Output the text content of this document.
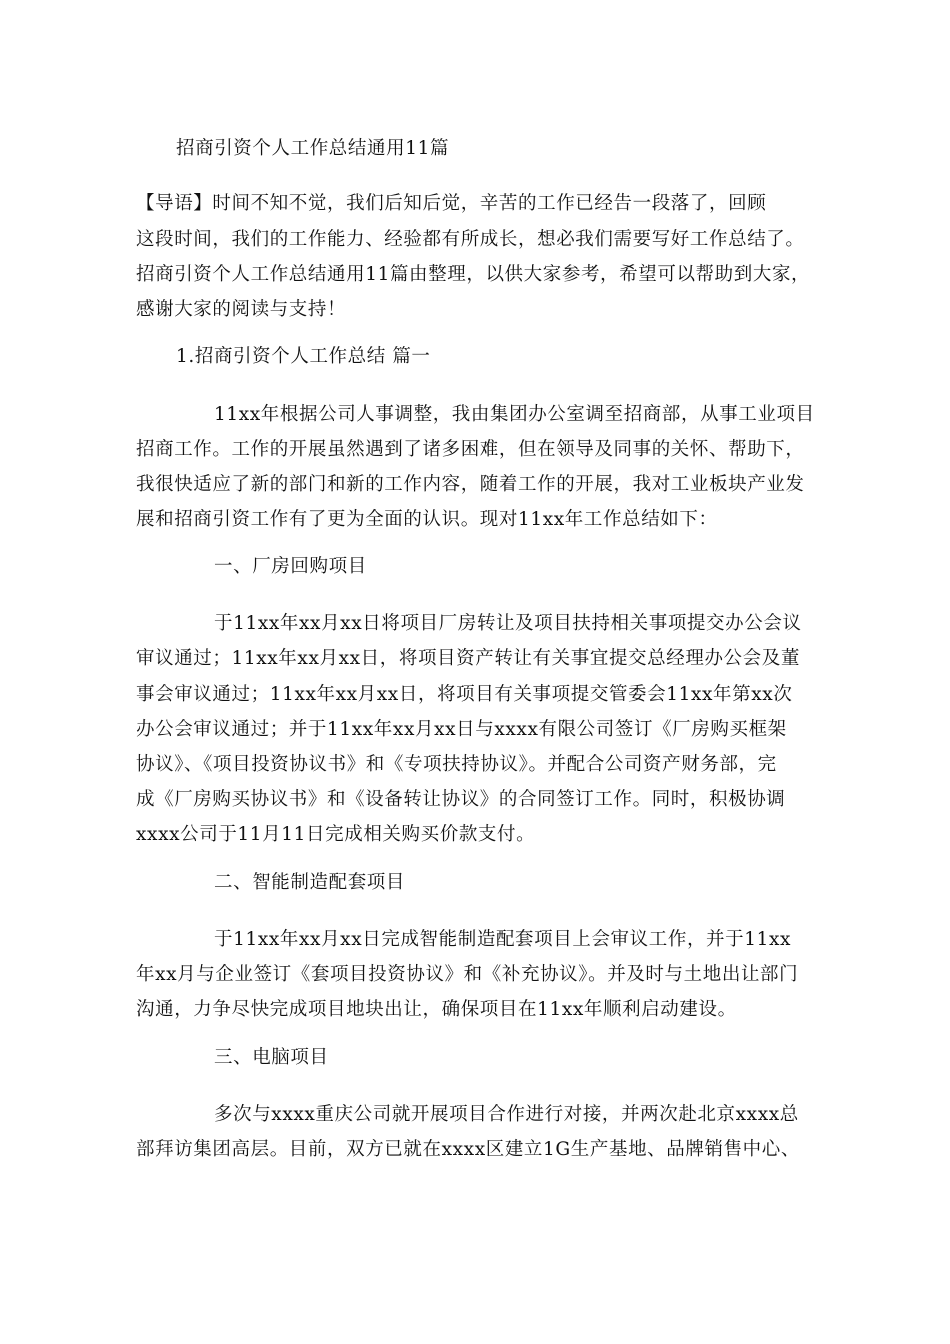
招商引资个人工作总结通用11篇
【导语】时间不知不觉，我们后知后觉，辛苦的工作已经告一段落了，回顾
这段时间，我们的工作能力、经验都有所成长，想必我们需要写好工作总结了。
招商引资个人工作总结通用11篇由整理，以供大家参考，希望可以帮助到大家，
感谢大家的阅读与支持！
1.招商引资个人工作总结 篇一
11xx年根据公司人事调整，我由集团办公室调至招商部，从事工业项目
招商工作。工作的开展虽然遇到了诸多困难，但在领导及同事的关怀、帮助下，
我很快适应了新的部门和新的工作内容，随着工作的开展，我对工业板块产业发
展和招商引资工作有了更为全面的认识。现对11xx年工作总结如下：
一、厂房回购项目
于11xx年xx月xx日将项目厂房转让及项目扶持相关事项提交办公会议
审议通过；11xx年xx月xx日，将项目资产转让有关事宜提交总经理办公会及董
事会审议通过；11xx年xx月xx日，将项目有关事项提交管委会11xx年第xx次
办公会审议通过；并于11xx年xx月xx日与xxxx有限公司签订《厂房购买框架
协议》、《项目投资协议书》和《专项扶持协议》。并配合公司资产财务部，完
成《厂房购买协议书》和《设备转让协议》的合同签订工作。同时，积极协调
xxxx公司于11月11日完成相关购买价款支付。
二、智能制造配套项目
于11xx年xx月xx日完成智能制造配套项目上会审议工作，并于11xx
年xx月与企业签订《套项目投资协议》和《补充协议》。并及时与土地出让部门
沟通，力争尽快完成项目地块出让，确保项目在11xx年顺利启动建设。
三、电脑项目
多次与xxxx重庆公司就开展项目合作进行对接，并两次赴北京xxxx总
部拜访集团高层。目前，双方已就在xxxx区建立1G生产基地、品牌销售中心、
